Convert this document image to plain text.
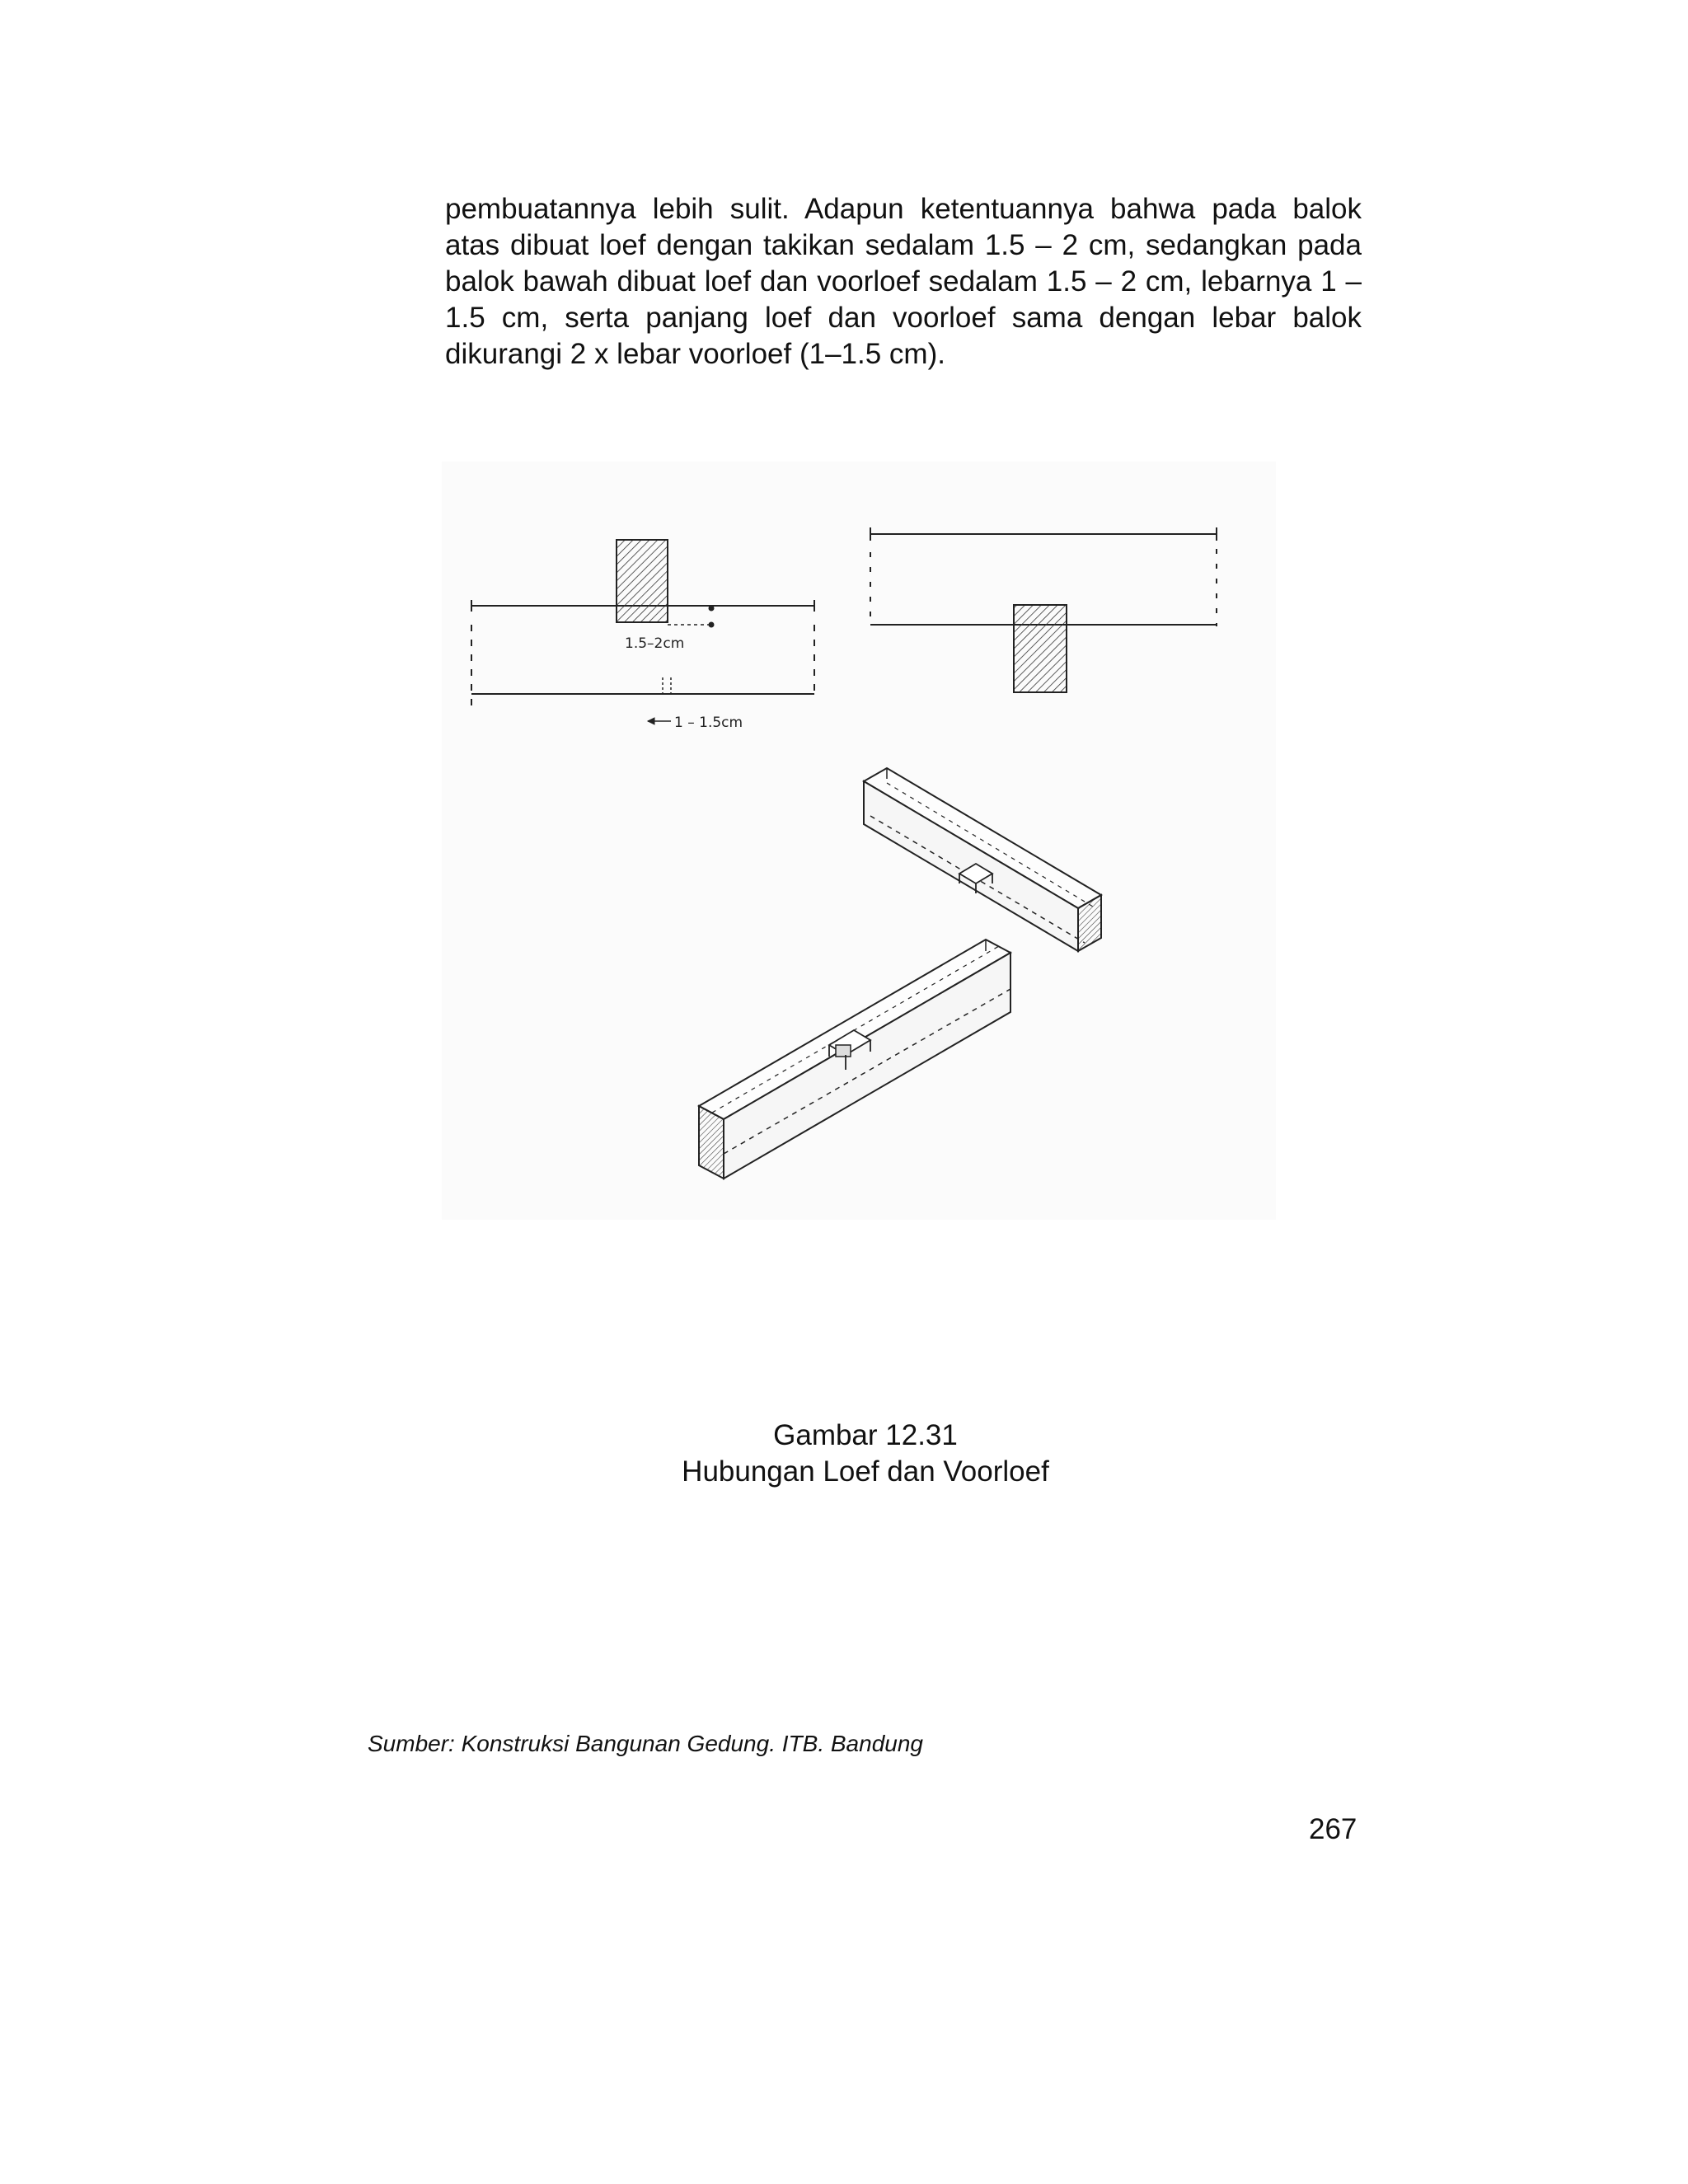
pembuatannya lebih sulit. Adapun ketentuannya bahwa pada balok atas dibuat loef dengan takikan sedalam 1.5 – 2 cm, sedangkan pada balok bawah dibuat loef dan voorloef sedalam 1.5 – 2 cm, lebarnya 1 – 1.5 cm, serta panjang loef dan voorloef sama dengan lebar balok dikurangi 2 x lebar voorloef (1–1.5 cm).

1.5–2cm
1 – 1.5cm
Gambar 12.31
Hubungan Loef dan Voorloef
Sumber: Konstruksi Bangunan Gedung. ITB. Bandung
267
